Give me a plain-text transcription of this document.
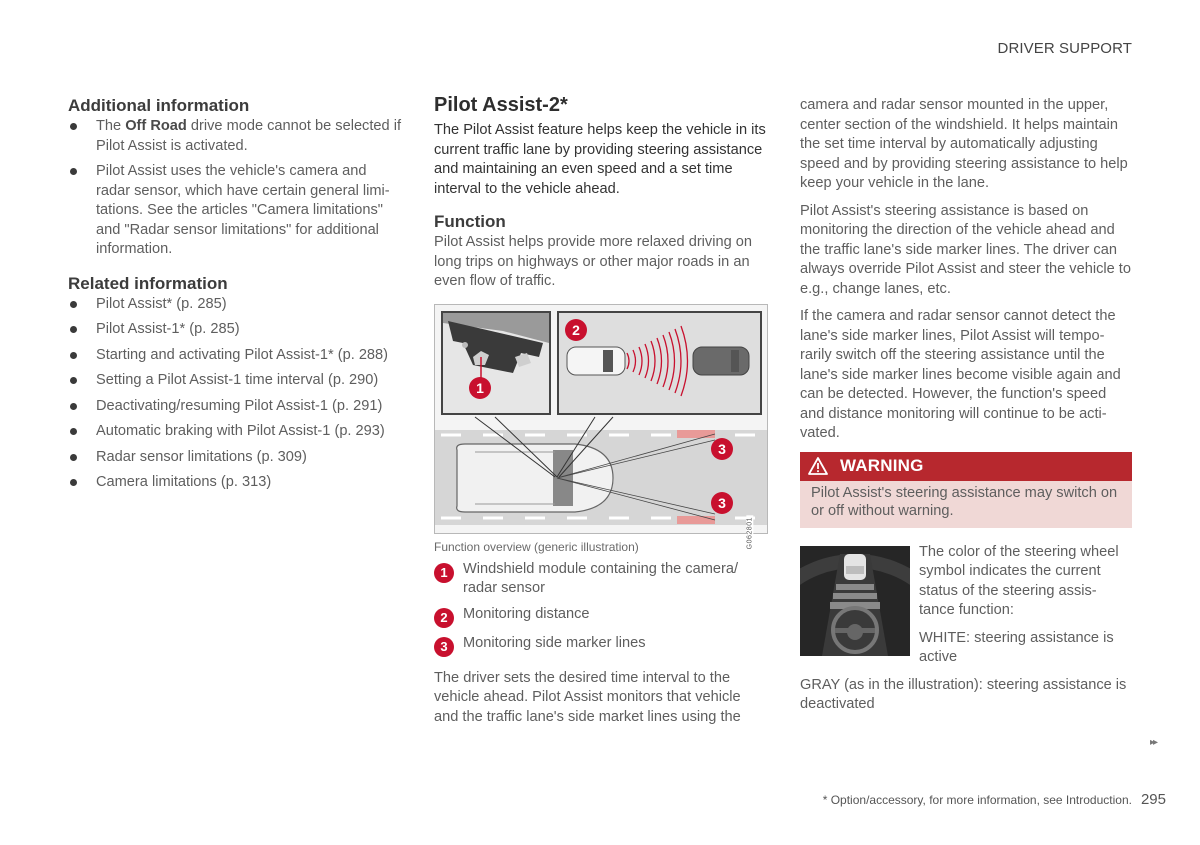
DRIVER SUPPORT
Additional information
The Off Road drive mode cannot be selected if Pilot Assist is activated.
Pilot Assist uses the vehicle's camera and radar sensor, which have certain general limi-tations. See the articles "Camera limitations" and "Radar sensor limitations" for additional information.
Related information
Pilot Assist* (p. 285)
Pilot Assist-1* (p. 285)
Starting and activating Pilot Assist-1* (p. 288)
Setting a Pilot Assist-1 time interval (p. 290)
Deactivating/resuming Pilot Assist-1 (p. 291)
Automatic braking with Pilot Assist-1 (p. 293)
Radar sensor limitations (p. 309)
Camera limitations (p. 313)
Pilot Assist-2*

The Pilot Assist feature helps keep the vehicle in its current traffic lane by providing steering assistance and maintaining an even speed and a set time interval to the vehicle ahead.

Function

Pilot Assist helps provide more relaxed driving on long trips on highways or other major roads in an even flow of traffic.

1
2
3
3
G062801

Function overview (generic illustration)

1	Windshield module containing the camera/ radar sensor
2	Monitoring distance
3	Monitoring side marker lines

The driver sets the desired time interval to the vehicle ahead. Pilot Assist monitors that vehicle and the traffic lane's side market lines using the

camera and radar sensor mounted in the upper, center section of the windshield. It helps maintain the set time interval by automatically adjusting speed and by providing steering assistance to help keep your vehicle in the lane.

Pilot Assist's steering assistance is based on monitoring the direction of the vehicle ahead and the traffic lane's side marker lines. The driver can always override Pilot Assist and steer the vehicle to e.g., change lanes, etc.

If the camera and radar sensor cannot detect the lane's side marker lines, Pilot Assist will tempo-rarily switch off the steering assistance until the lane's side marker lines become visible again and can be detected. However, the function's speed and distance monitoring will continue to be acti-vated.

WARNING
Pilot Assist's steering assistance may switch on or off without warning.

The color of the steering wheel symbol indicates the current status of the steering assis-tance function:

WHITE: steering assistance is active

GRAY (as in the illustration): steering assistance is deactivated

▸▸
* Option/accessory, for more information, see Introduction. 295
